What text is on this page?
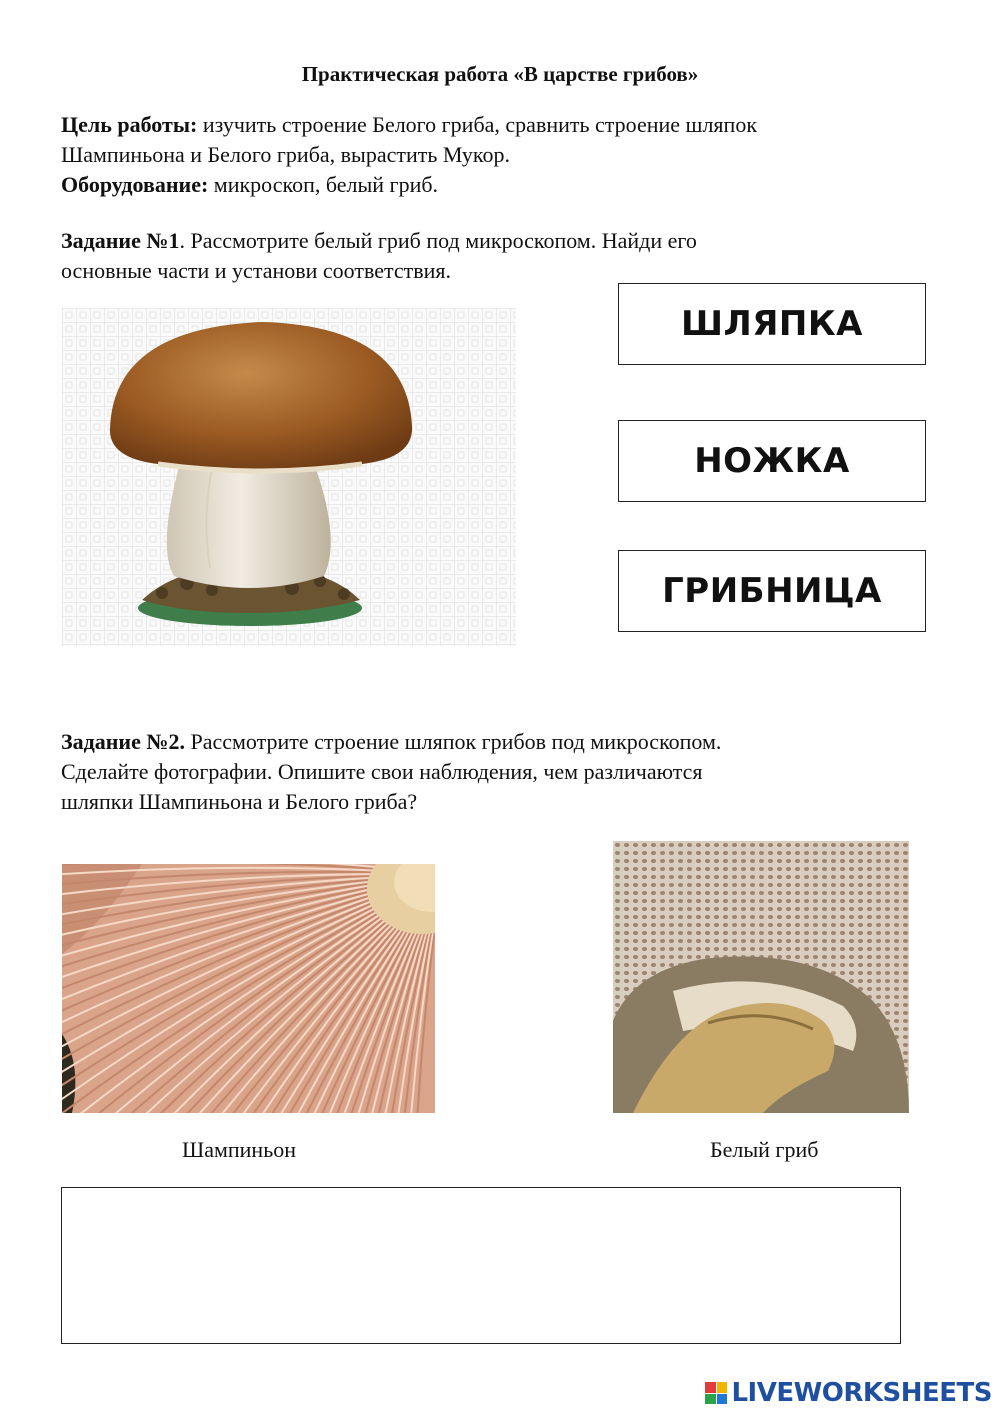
Практическая работа «В царстве грибов»
Цель работы: изучить строение Белого гриба, сравнить строение шляпок
Шампиньона и Белого гриба, вырастить Мукор.
Оборудование: микроскоп, белый гриб.
Задание №1. Рассмотрите белый гриб под микроскопом. Найди его
основные части и установи соответствия.
ШЛЯПКА
НОЖКА
ГРИБНИЦА
Задание №2. Рассмотрите строение шляпок грибов под микроскопом.
Сделайте фотографии. Опишите свои наблюдения, чем различаются
шляпки Шампиньона и Белого гриба?
Шампиньон	Белый гриб
LIVEWORKSHEETS
